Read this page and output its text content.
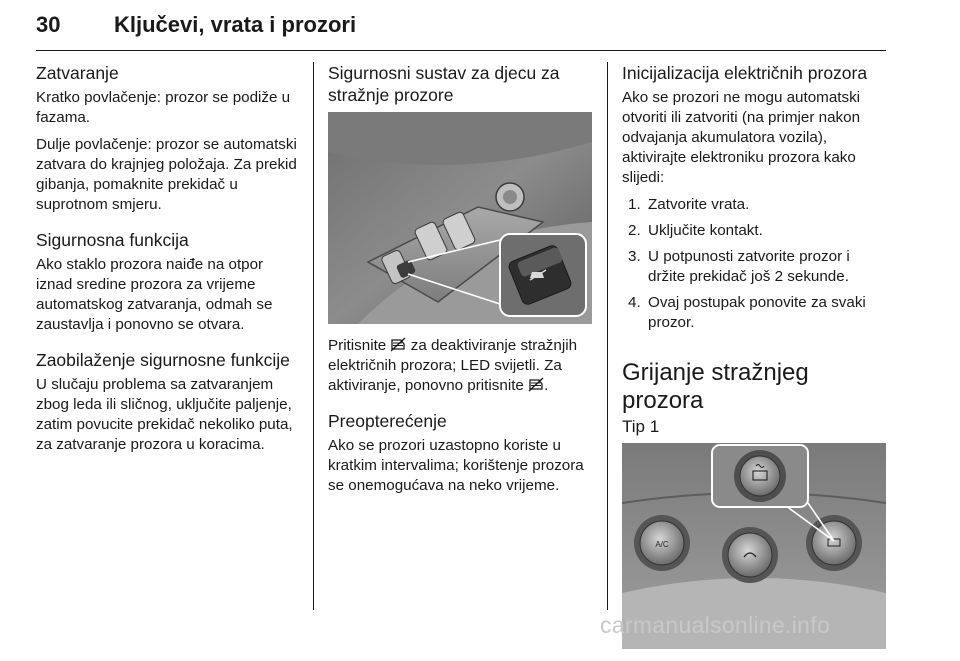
30 Ključevi, vrata i prozori
Zatvaranje

Kratko povlačenje: prozor se podiže u fazama.

Dulje povlačenje: prozor se automatski zatvara do krajnjeg položaja. Za prekid gibanja, pomaknite prekidač u suprotnom smjeru.

Sigurnosna funkcija

Ako staklo prozora naiđe na otpor iznad sredine prozora za vrijeme automatskog zatvaranja, odmah se zaustavlja i ponovno se otvara.

Zaobilaženje sigurnosne funkcije

U slučaju problema sa zatvaranjem zbog leda ili sličnog, uključite paljenje, zatim povucite prekidač nekoliko puta, za zatvaranje prozora u koracima.

Sigurnosni sustav za djecu za stražnje prozore

Pritisnite za deaktiviranje stražnjih električnih prozora; LED svijetli. Za aktiviranje, ponovno pritisnite .

Preopterećenje

Ako se prozori uzastopno koriste u kratkim intervalima; korištenje prozora se onemogućava na neko vrijeme.

Inicijalizacija električnih prozora

Ako se prozori ne mogu automatski otvoriti ili zatvoriti (na primjer nakon odvajanja akumulatora vozila), aktivirajte elektroniku prozora kako slijedi:

1. Zatvorite vrata.
2. Uključite kontakt.
3. U potpunosti zatvorite prozor i držite prekidač još 2 sekunde.
4. Ovaj postupak ponovite za svaki prozor.
Grijanje stražnjeg prozora
Tip 1
A/C
carmanualsonline.info
